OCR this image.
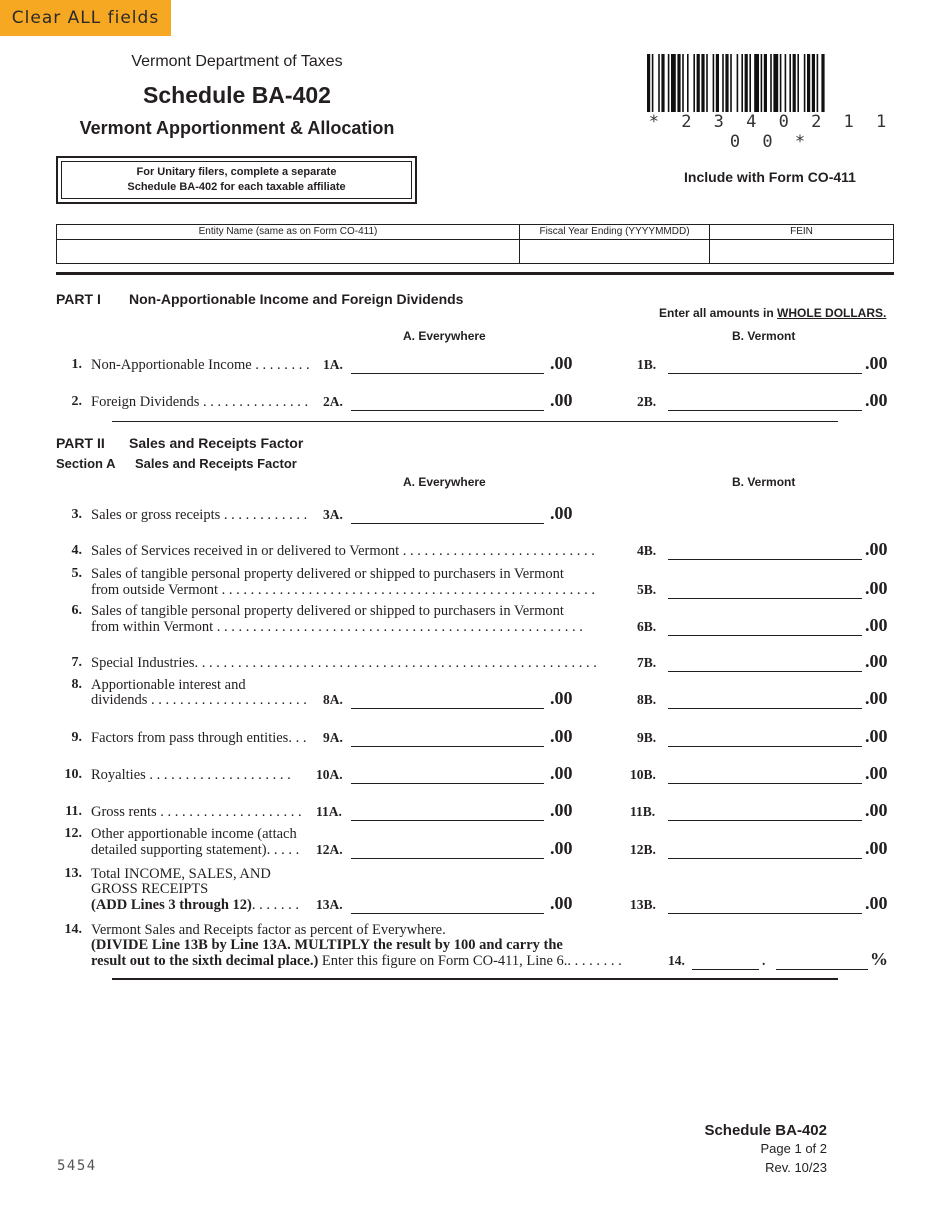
Clear ALL fields
Vermont Department of Taxes
Schedule BA-402
Vermont Apportionment & Allocation	* 2 3 4 0 2 1 1 0 0 *
For Unitary filers, complete a separate
Schedule BA-402 for each taxable affiliate
Include with Form CO-411
Entity Name (same as on Form CO-411)	Fiscal Year Ending (YYYYMMDD)	FEIN
PART I Non-Apportionable Income and Foreign Dividends
Enter all amounts in WHOLE DOLLARS.
A. Everywhere	B. Vermont
1. Non-Apportionable Income . . . . . . . . 1A.	.00	1B.	.00
2. Foreign Dividends . . . . . . . . . . . . . . . 2A.	.00	2B.	.00
PART II Sales and Receipts Factor
Section A Sales and Receipts Factor
A. Everywhere	B. Vermont
3. Sales or gross receipts . . . . . . . . . . . . 3A.	.00
4. Sales of Services received in or delivered to Vermont . . . . . . . . . . . . . . . . . . . . . . . . . . .	4B.	.00
5. Sales of tangible personal property delivered or shipped to purchasers in Vermont
from outside Vermont . . . . . . . . . . . . . . . . . . . . . . . . . . . . . . . . . . . . . . . . . . . . . . . . . . . .	5B.	.00
6. Sales of tangible personal property delivered or shipped to purchasers in Vermont
from within Vermont . . . . . . . . . . . . . . . . . . . . . . . . . . . . . . . . . . . . . . . . . . . . . . . . . . .	6B.	.00
7. Special Industries. . . . . . . . . . . . . . . . . . . . . . . . . . . . . . . . . . . . . . . . . . . . . . . . . . . . . . . .	7B.	.00
8. Apportionable interest and
dividends . . . . . . . . . . . . . . . . . . . . . . 8A.	.00	8B.	.00
9. Factors from pass through entities. . . 9A.	.00	9B.	.00
10. Royalties . . . . . . . . . . . . . . . . . . . . 10A.	.00	10B.	.00
11. Gross rents . . . . . . . . . . . . . . . . . . . . 11A.	.00	11B.	.00
12. Other apportionable income (attach
detailed supporting statement). . . . . 12A.	.00	12B.	.00
13. Total INCOME, SALES, AND
GROSS RECEIPTS
(ADD Lines 3 through 12). . . . . . . 13A.	.00	13B.	.00
14. Vermont Sales and Receipts factor as percent of Everywhere.
(DIVIDE Line 13B by Line 13A. MULTIPLY the result by 100 and carry the
result out to the sixth decimal place.) Enter this figure on Form CO-411, Line 6.. . . . . . . .	14.	.	%
Schedule BA-402
Page 1 of 2
Rev. 10/23
5454
